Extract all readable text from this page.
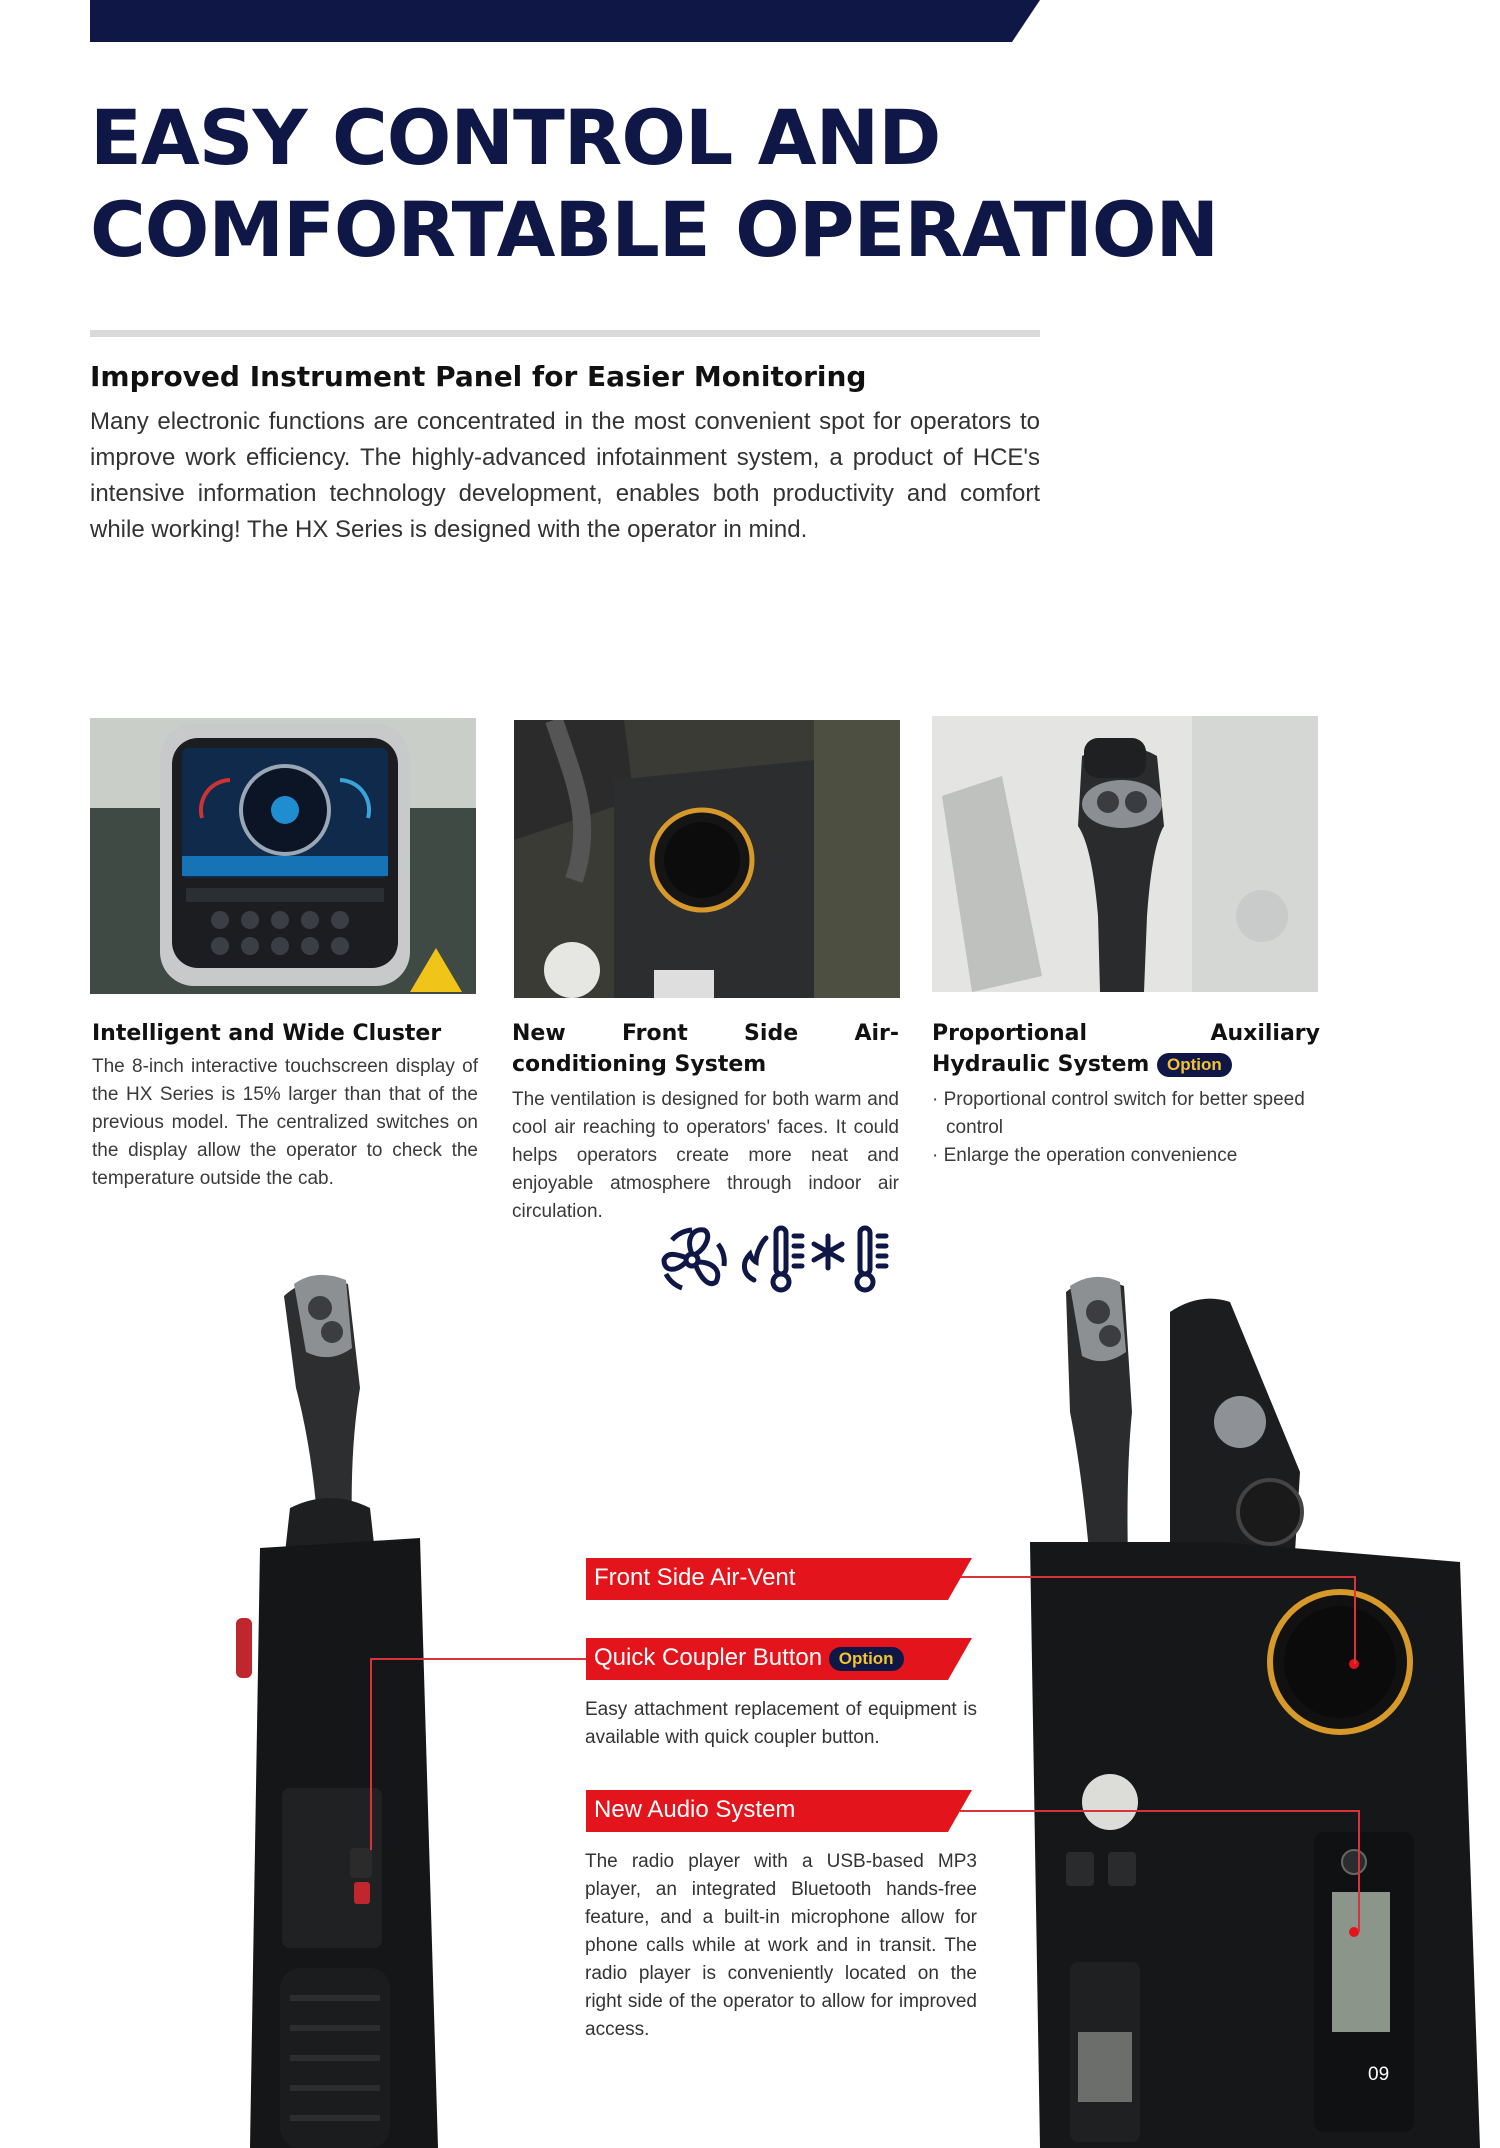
EASY CONTROL AND
COMFORTABLE OPERATION
Improved Instrument Panel for Easier Monitoring

Many electronic functions are concentrated in the most convenient spot for operators to improve work efficiency. The highly-advanced infotainment system, a product of HCE's intensive information technology development, enables both productivity and comfort while working! The HX Series is designed with the operator in mind.

Intelligent and Wide Cluster

The 8-inch interactive touchscreen display of the HX Series is 15% larger than that of the previous model. The centralized switches on the display allow the operator to check the temperature outside the cab.

New Front Side Air-conditioning System

The ventilation is designed for both warm and cool air reaching to operators' faces. It could helps operators create more neat and enjoyable atmosphere through indoor air circulation.

Proportional Auxiliary Hydraulic System Option
· Proportional control switch for better speed control
· Enlarge the operation convenience
Front Side Air-Vent
Quick Coupler Button Option

Easy attachment replacement of equipment is available with quick coupler button.

New Audio System

The radio player with a USB-based MP3 player, an integrated Bluetooth hands-free feature, and a built-in microphone allow for phone calls while at work and in transit. The radio player is conveniently located on the right side of the operator to allow for improved access.

09
